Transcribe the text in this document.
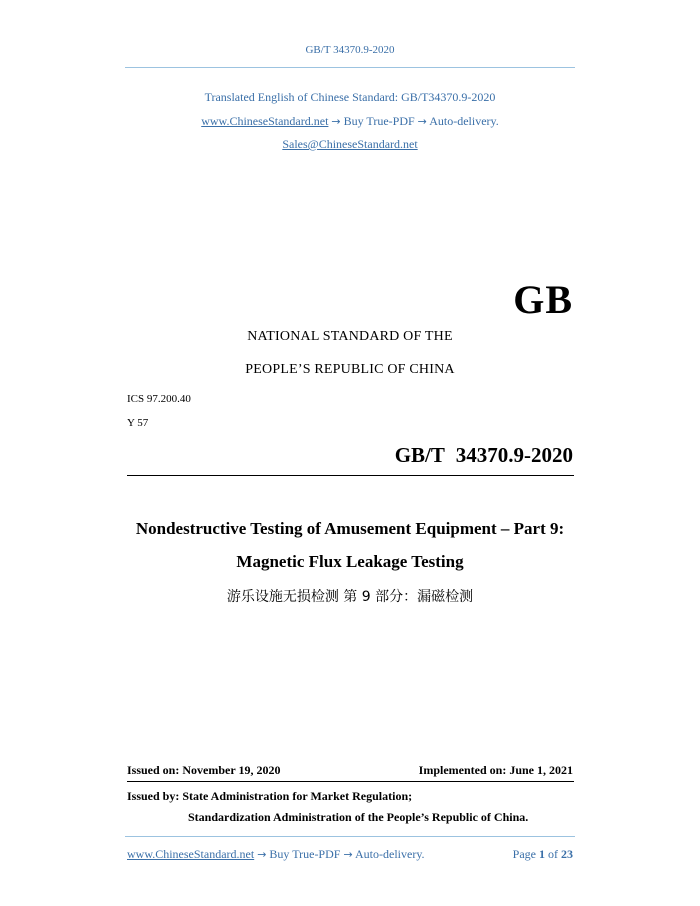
GB/T 34370.9-2020
Translated English of Chinese Standard: GB/T34370.9-2020
www.ChineseStandard.net → Buy True-PDF → Auto-delivery.
Sales@ChineseStandard.net
GB
NATIONAL STANDARD OF THE
PEOPLE’S REPUBLIC OF CHINA
ICS 97.200.40
Y 57
GB/T 34370.9-2020
Nondestructive Testing of Amusement Equipment – Part 9:
Magnetic Flux Leakage Testing
游乐设施无损检测 第 9 部分：漏磁检测
Issued on: November 19, 2020	Implemented on: June 1, 2021
Issued by: State Administration for Market Regulation;
Standardization Administration of the People’s Republic of China.
www.ChineseStandard.net → Buy True-PDF → Auto-delivery.	Page 1 of 23
